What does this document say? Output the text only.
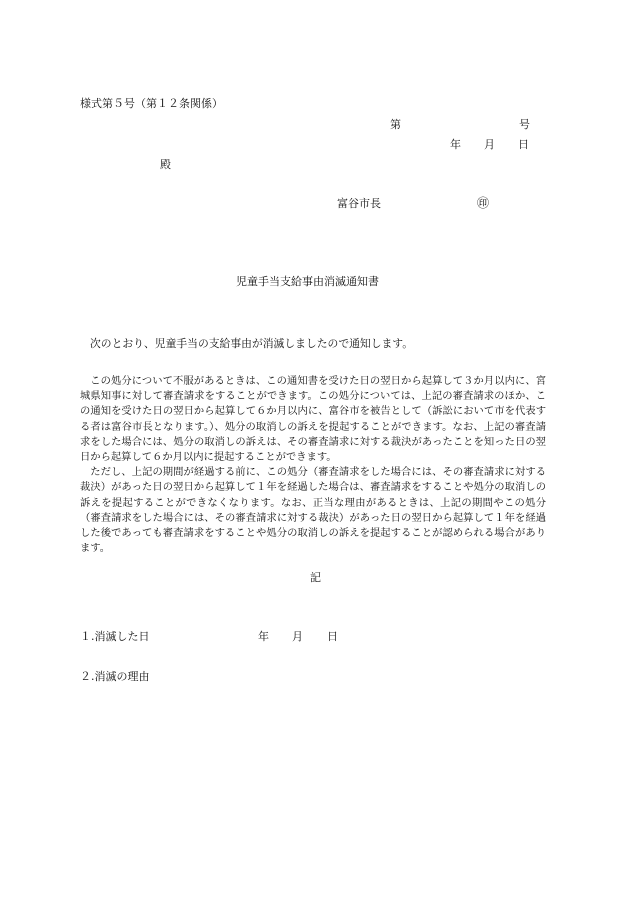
様式第５号（第１２条関係）
第	号
年 月 日
殿
富谷市長	㊞
児童手当支給事由消滅通知書
次のとおり、児童手当の支給事由が消滅しましたので通知します。

この処分について不服があるときは、この通知書を受けた日の翌日から起算して３か月以内に、宮城県知事に対して審査請求をすることができます。この処分については、上記の審査請求のほか、この通知を受けた日の翌日から起算して６か月以内に、富谷市を被告として（訴訟において市を代表する者は富谷市長となります。）、処分の取消しの訴えを提起することができます。なお、上記の審査請求をした場合には、処分の取消しの訴えは、その審査請求に対する裁決があったことを知った日の翌日から起算して６か月以内に提起することができます。

ただし、上記の期間が経過する前に、この処分（審査請求をした場合には、その審査請求に対する裁決）があった日の翌日から起算して１年を経過した場合は、審査請求をすることや処分の取消しの訴えを提起することができなくなります。なお、正当な理由があるときは、上記の期間やこの処分（審査請求をした場合には、その審査請求に対する裁決）があった日の翌日から起算して１年を経過した後であっても審査請求をすることや処分の取消しの訴えを提起することが認められる場合があります。

記
１.消滅した日	年 月 日
２.消滅の理由
